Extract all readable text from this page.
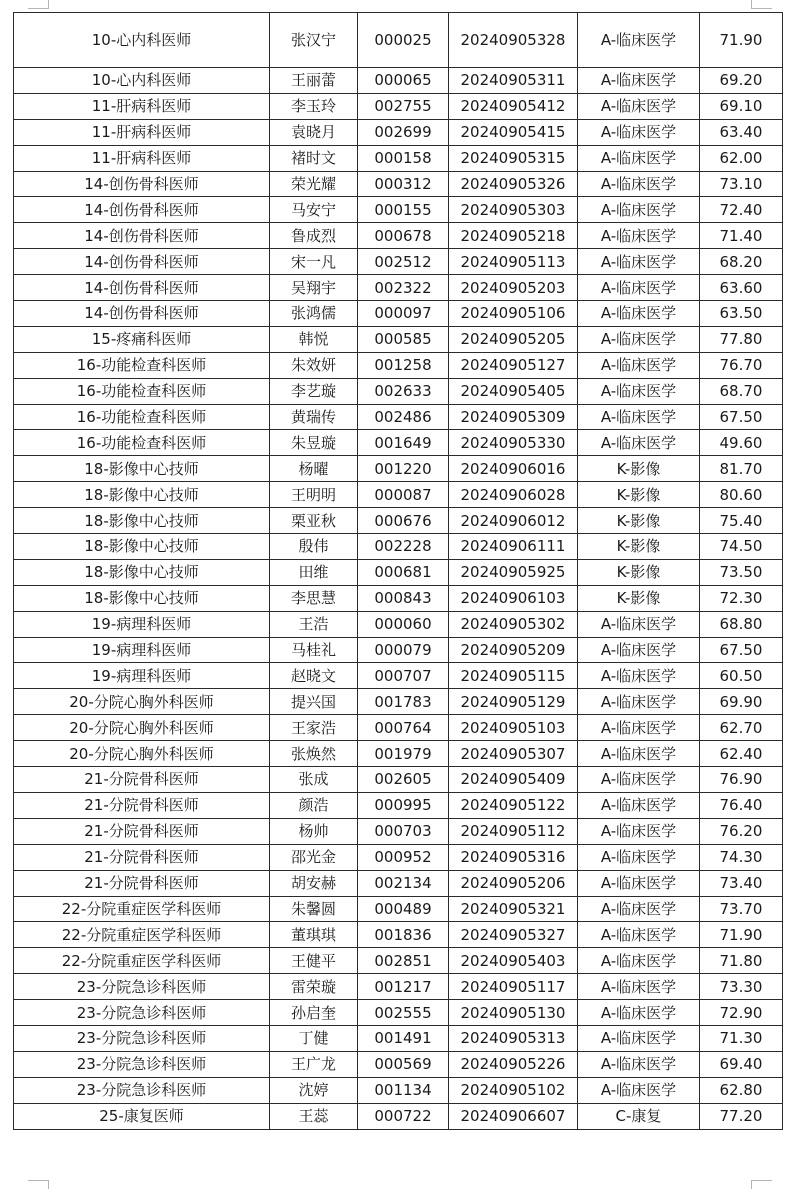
10-心内科医师	张汉宁	000025	20240905328	A-临床医学	71.90
10-心内科医师	王丽蕾	000065	20240905311	A-临床医学	69.20
11-肝病科医师	李玉玲	002755	20240905412	A-临床医学	69.10
11-肝病科医师	袁晓月	002699	20240905415	A-临床医学	63.40
11-肝病科医师	褚时文	000158	20240905315	A-临床医学	62.00
14-创伤骨科医师	荣光耀	000312	20240905326	A-临床医学	73.10
14-创伤骨科医师	马安宁	000155	20240905303	A-临床医学	72.40
14-创伤骨科医师	鲁成烈	000678	20240905218	A-临床医学	71.40
14-创伤骨科医师	宋一凡	002512	20240905113	A-临床医学	68.20
14-创伤骨科医师	吴翔宇	002322	20240905203	A-临床医学	63.60
14-创伤骨科医师	张鸿儒	000097	20240905106	A-临床医学	63.50
15-疼痛科医师	韩悦	000585	20240905205	A-临床医学	77.80
16-功能检查科医师	朱效妍	001258	20240905127	A-临床医学	76.70
16-功能检查科医师	李艺璇	002633	20240905405	A-临床医学	68.70
16-功能检查科医师	黄瑞传	002486	20240905309	A-临床医学	67.50
16-功能检查科医师	朱昱璇	001649	20240905330	A-临床医学	49.60
18-影像中心技师	杨曜	001220	20240906016	K-影像	81.70
18-影像中心技师	王明明	000087	20240906028	K-影像	80.60
18-影像中心技师	栗亚秋	000676	20240906012	K-影像	75.40
18-影像中心技师	殷伟	002228	20240906111	K-影像	74.50
18-影像中心技师	田维	000681	20240905925	K-影像	73.50
18-影像中心技师	李思慧	000843	20240906103	K-影像	72.30
19-病理科医师	王浩	000060	20240905302	A-临床医学	68.80
19-病理科医师	马桂礼	000079	20240905209	A-临床医学	67.50
19-病理科医师	赵晓文	000707	20240905115	A-临床医学	60.50
20-分院心胸外科医师	提兴国	001783	20240905129	A-临床医学	69.90
20-分院心胸外科医师	王家浩	000764	20240905103	A-临床医学	62.70
20-分院心胸外科医师	张焕然	001979	20240905307	A-临床医学	62.40
21-分院骨科医师	张成	002605	20240905409	A-临床医学	76.90
21-分院骨科医师	颜浩	000995	20240905122	A-临床医学	76.40
21-分院骨科医师	杨帅	000703	20240905112	A-临床医学	76.20
21-分院骨科医师	邵光金	000952	20240905316	A-临床医学	74.30
21-分院骨科医师	胡安赫	002134	20240905206	A-临床医学	73.40
22-分院重症医学科医师	朱馨圆	000489	20240905321	A-临床医学	73.70
22-分院重症医学科医师	董琪琪	001836	20240905327	A-临床医学	71.90
22-分院重症医学科医师	王健平	002851	20240905403	A-临床医学	71.80
23-分院急诊科医师	雷荣璇	001217	20240905117	A-临床医学	73.30
23-分院急诊科医师	孙启奎	002555	20240905130	A-临床医学	72.90
23-分院急诊科医师	丁健	001491	20240905313	A-临床医学	71.30
23-分院急诊科医师	王广龙	000569	20240905226	A-临床医学	69.40
23-分院急诊科医师	沈婷	001134	20240905102	A-临床医学	62.80
25-康复医师	王蕊	000722	20240906607	C-康复	77.20
